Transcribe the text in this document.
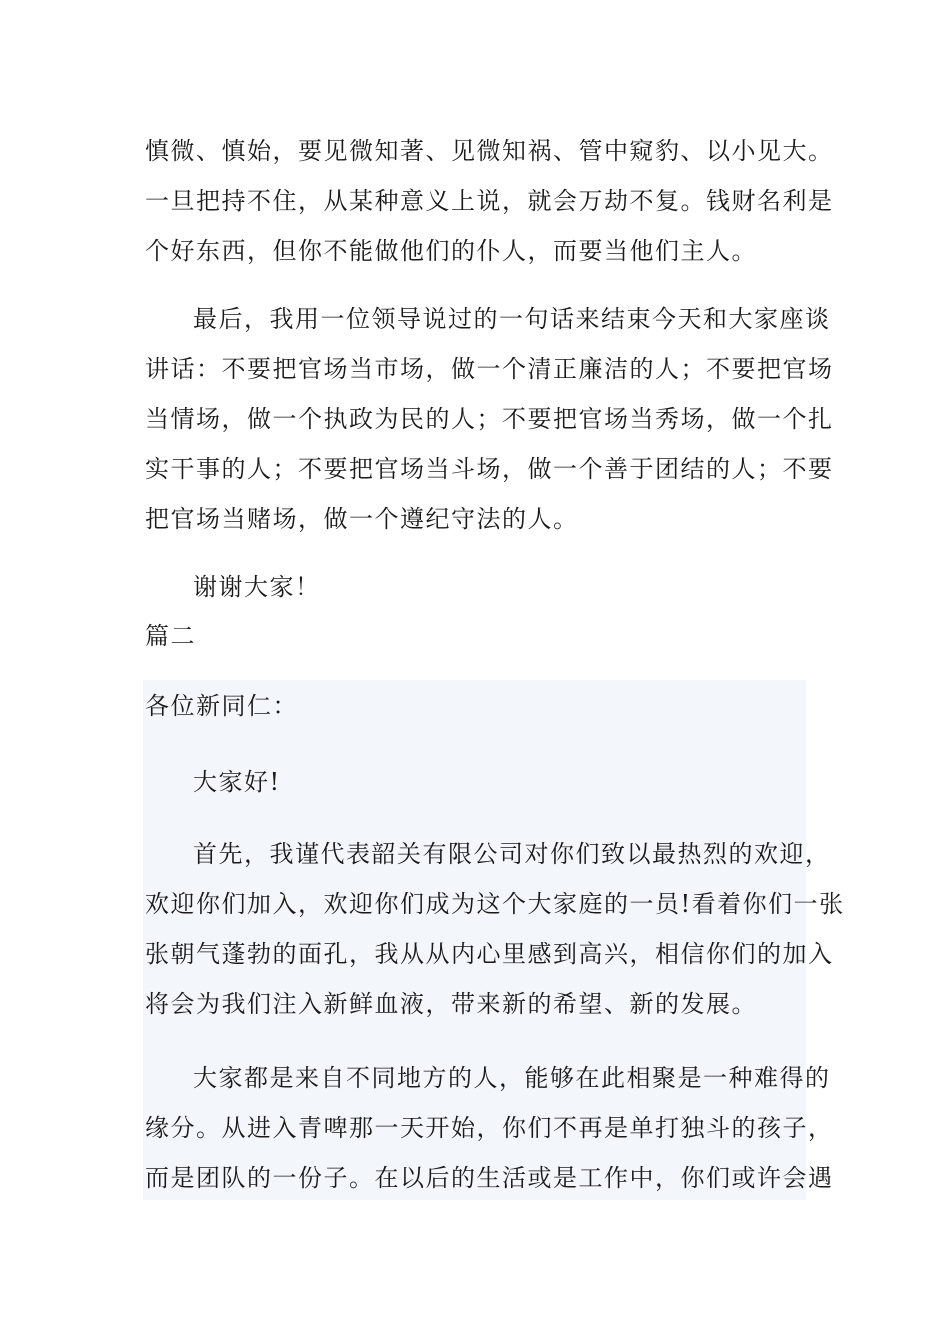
慎微、慎始，要见微知著、见微知祸、管中窥豹、以小见大。
一旦把持不住，从某种意义上说，就会万劫不复。钱财名利是
个好东西，但你不能做他们的仆人，而要当他们主人。
最后，我用一位领导说过的一句话来结束今天和大家座谈
讲话：不要把官场当市场，做一个清正廉洁的人；不要把官场
当情场，做一个执政为民的人；不要把官场当秀场，做一个扎
实干事的人；不要把官场当斗场，做一个善于团结的人；不要
把官场当赌场，做一个遵纪守法的人。
谢谢大家！
篇二
各位新同仁：
大家好!
首先，我谨代表韶关有限公司对你们致以最热烈的欢迎，
欢迎你们加入，欢迎你们成为这个大家庭的一员!看着你们一张
张朝气蓬勃的面孔，我从从内心里感到高兴，相信你们的加入
将会为我们注入新鲜血液，带来新的希望、新的发展。
大家都是来自不同地方的人，能够在此相聚是一种难得的
缘分。从进入青啤那一天开始，你们不再是单打独斗的孩子，
而是团队的一份子。在以后的生活或是工作中，你们或许会遇
